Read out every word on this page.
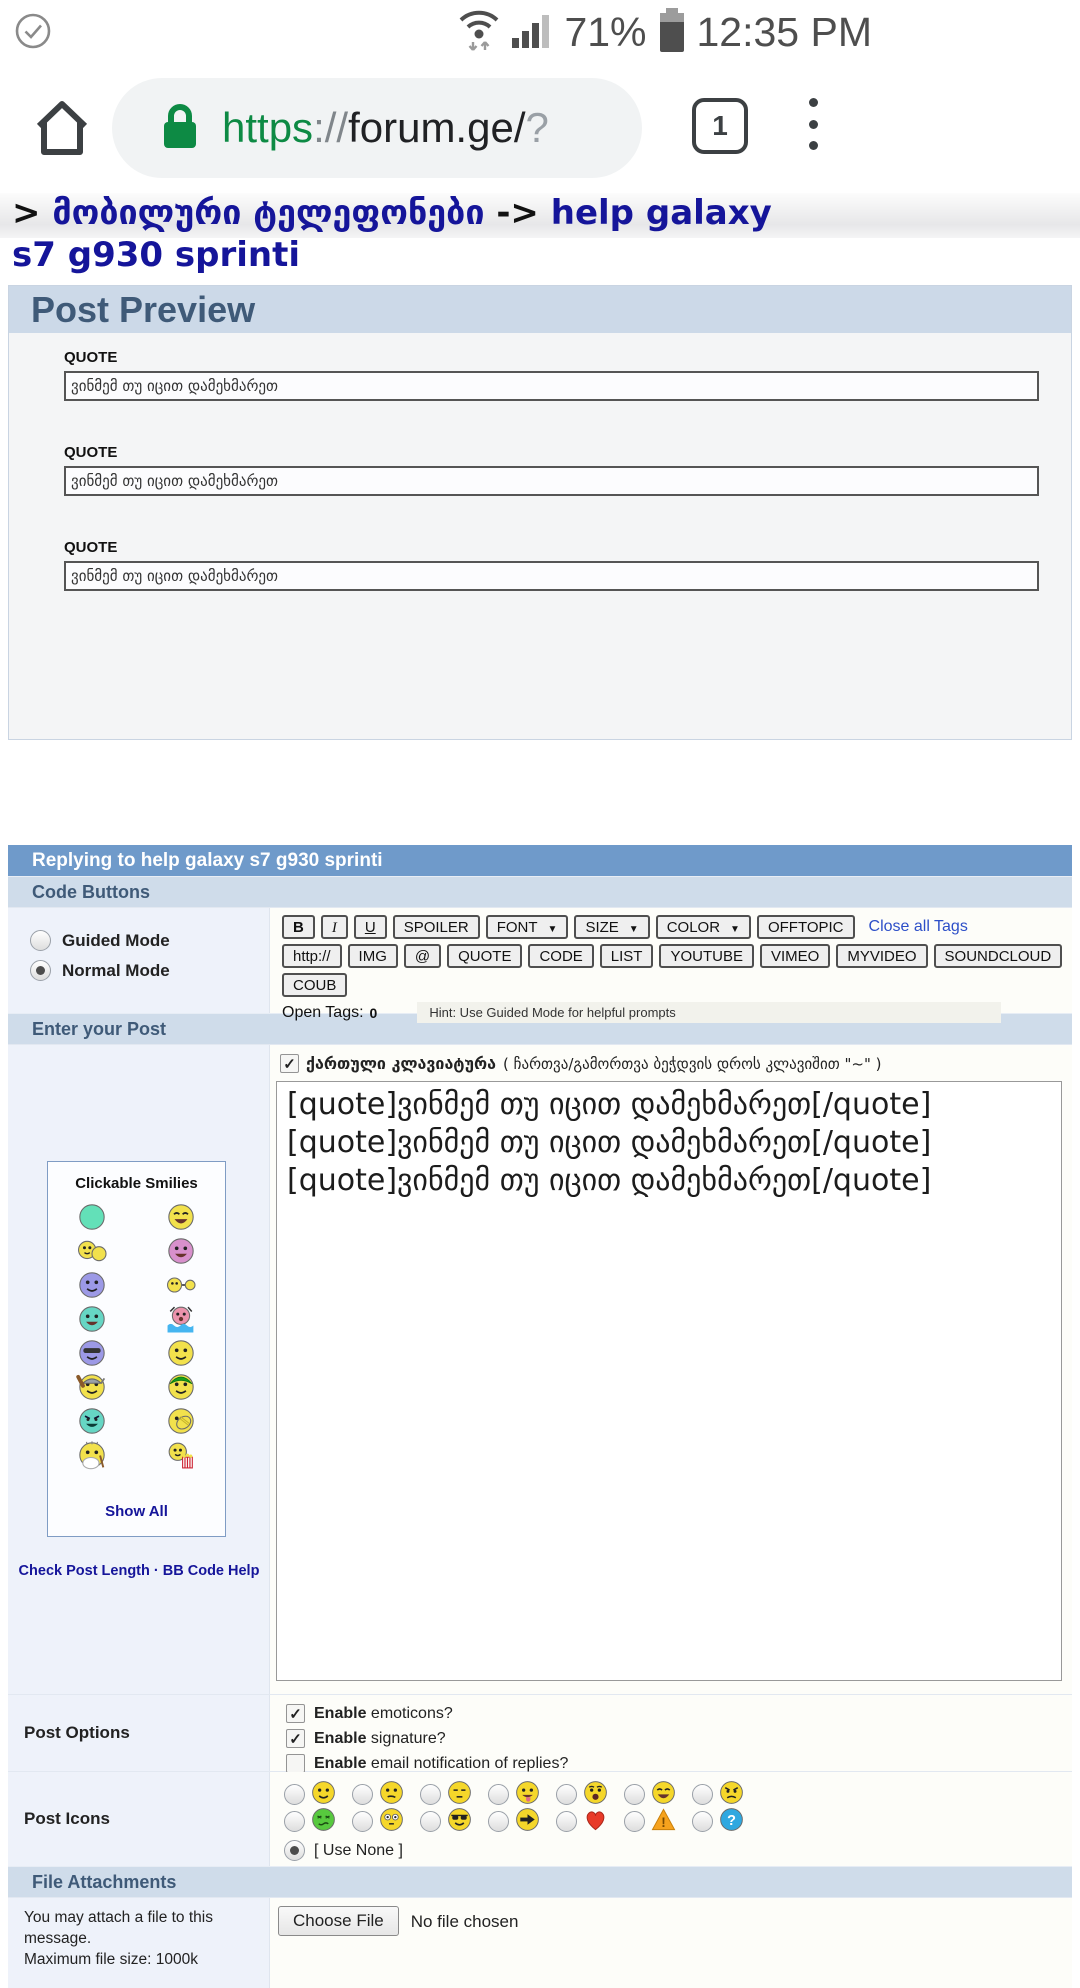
71% 12:35 PM
https://forum.ge/?	1
> მობილური ტელეფონები -> help galaxy s7 g930 sprinti
Post Preview
QUOTE
ვინმემ თუ იცით დამეხმარეთ
QUOTE
ვინმემ თუ იცით დამეხმარეთ
QUOTE
ვინმემ თუ იცით დამეხმარეთ
Replying to help galaxy s7 g930 sprinti
Code Buttons
Guided Mode
Normal Mode
B	I	U	SPOILER	FONT ▼	SIZE ▼	COLOR ▼	OFFTOPIC	Close all Tags
http://	IMG	@	QUOTE	CODE	LIST	YOUTUBE	VIMEO	MYVIDEO	SOUNDCLOUD
COUB
Open Tags: 0	Hint: Use Guided Mode for helpful prompts
Enter your Post
Clickable Smilies
Show All
Check Post Length · BB Code Help
✓ ქართული კლავიატურა ( ჩართვა/გამორთვა ბეჭდვის დროს კლავიშით "~" )
[quote]ვინმემ თუ იცით დამეხმარეთ[/quote] [quote]ვინმემ თუ იცით დამეხმარეთ[/quote] [quote]ვინმემ თუ იცით დამეხმარეთ[/quote]
Post Options
✓ Enable emoticons?
✓ Enable signature?
Enable email notification of replies?
Post Icons	!	?
[ Use None ]
File Attachments
You may attach a file to this message.
Maximum file size: 1000k
Choose File	No file chosen
